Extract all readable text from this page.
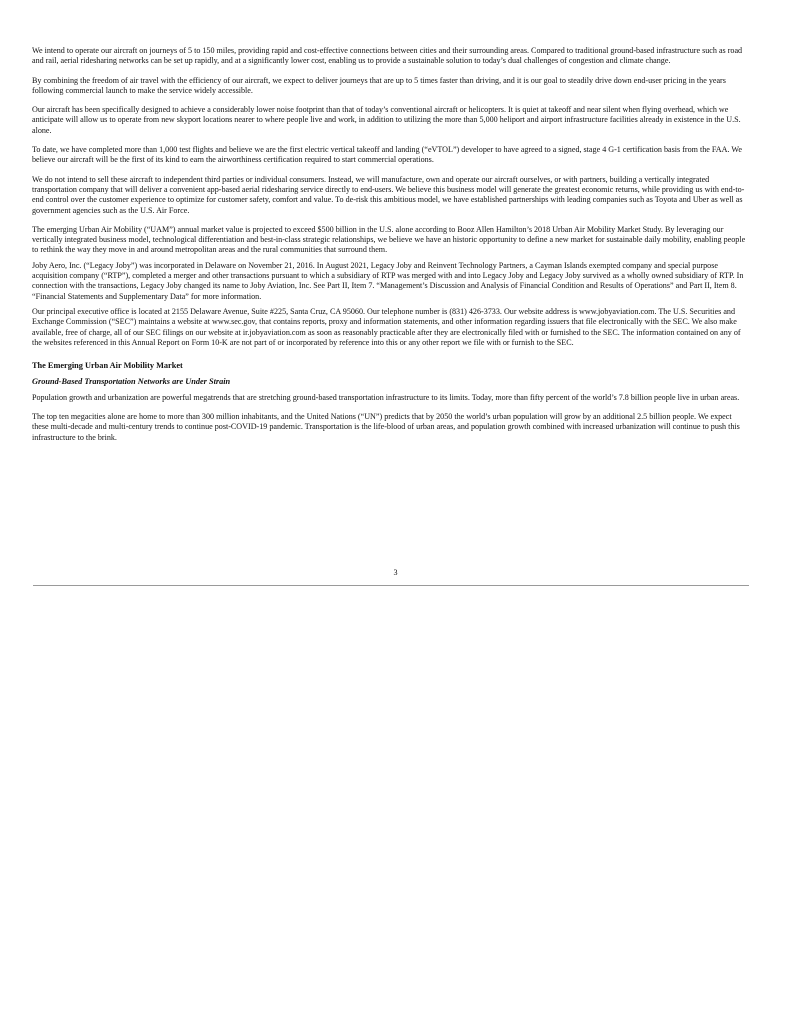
We intend to operate our aircraft on journeys of 5 to 150 miles, providing rapid and cost-effective connections between cities and their surrounding areas. Compared to traditional ground-based infrastructure such as road and rail, aerial ridesharing networks can be set up rapidly, and at a significantly lower cost, enabling us to provide a sustainable solution to today’s dual challenges of congestion and climate change.

By combining the freedom of air travel with the efficiency of our aircraft, we expect to deliver journeys that are up to 5 times faster than driving, and it is our goal to steadily drive down end-user pricing in the years following commercial launch to make the service widely accessible.

Our aircraft has been specifically designed to achieve a considerably lower noise footprint than that of today’s conventional aircraft or helicopters. It is quiet at takeoff and near silent when flying overhead, which we anticipate will allow us to operate from new skyport locations nearer to where people live and work, in addition to utilizing the more than 5,000 heliport and airport infrastructure facilities already in existence in the U.S. alone.

To date, we have completed more than 1,000 test flights and believe we are the first electric vertical takeoff and landing (“eVTOL”) developer to have agreed to a signed, stage 4 G-1 certification basis from the FAA. We believe our aircraft will be the first of its kind to earn the airworthiness certification required to start commercial operations.

We do not intend to sell these aircraft to independent third parties or individual consumers. Instead, we will manufacture, own and operate our aircraft ourselves, or with partners, building a vertically integrated transportation company that will deliver a convenient app-based aerial ridesharing service directly to end-users. We believe this business model will generate the greatest economic returns, while providing us with end-to-end control over the customer experience to optimize for customer safety, comfort and value. To de-risk this ambitious model, we have established partnerships with leading companies such as Toyota and Uber as well as government agencies such as the U.S. Air Force.

The emerging Urban Air Mobility (“UAM”) annual market value is projected to exceed $500 billion in the U.S. alone according to Booz Allen Hamilton’s 2018 Urban Air Mobility Market Study. By leveraging our vertically integrated business model, technological differentiation and best-in-class strategic relationships, we believe we have an historic opportunity to define a new market for sustainable daily mobility, enabling people to rethink the way they move in and around metropolitan areas and the rural communities that surround them.

Joby Aero, Inc. (“Legacy Joby”) was incorporated in Delaware on November 21, 2016. In August 2021, Legacy Joby and Reinvent Technology Partners, a Cayman Islands exempted company and special purpose acquisition company (“RTP”), completed a merger and other transactions pursuant to which a subsidiary of RTP was merged with and into Legacy Joby and Legacy Joby survived as a wholly owned subsidiary of RTP. In connection with the transactions, Legacy Joby changed its name to Joby Aviation, Inc. See Part II, Item 7. “Management’s Discussion and Analysis of Financial Condition and Results of Operations” and Part II, Item 8. “Financial Statements and Supplementary Data” for more information.

Our principal executive office is located at 2155 Delaware Avenue, Suite #225, Santa Cruz, CA 95060. Our telephone number is (831) 426-3733. Our website address is www.jobyaviation.com. The U.S. Securities and Exchange Commission (“SEC”) maintains a website at www.sec.gov, that contains reports, proxy and information statements, and other information regarding issuers that file electronically with the SEC. We also make available, free of charge, all of our SEC filings on our website at ir.jobyaviation.com as soon as reasonably practicable after they are electronically filed with or furnished to the SEC. The information contained on any of the websites referenced in this Annual Report on Form 10-K are not part of or incorporated by reference into this or any other report we file with or furnish to the SEC.

The Emerging Urban Air Mobility Market
Ground-Based Transportation Networks are Under Strain

Population growth and urbanization are powerful megatrends that are stretching ground-based transportation infrastructure to its limits. Today, more than fifty percent of the world’s 7.8 billion people live in urban areas.

The top ten megacities alone are home to more than 300 million inhabitants, and the United Nations (“UN”) predicts that by 2050 the world’s urban population will grow by an additional 2.5 billion people. We expect these multi-decade and multi-century trends to continue post-COVID-19 pandemic. Transportation is the life-blood of urban areas, and population growth combined with increased urbanization will continue to push this infrastructure to the brink.

3
